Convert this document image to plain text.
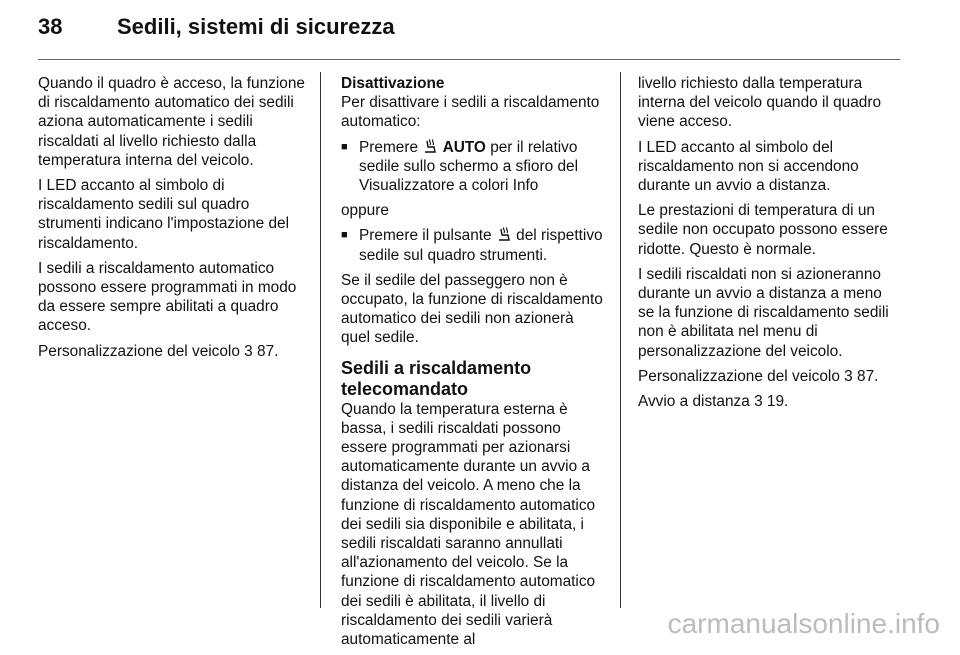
38 Sedili, sistemi di sicurezza

Quando il quadro è acceso, la funzione di riscaldamento automatico dei sedili aziona automaticamente i sedili riscaldati al livello richiesto dalla temperatura interna del veicolo.

I LED accanto al simbolo di riscaldamento sedili sul quadro strumenti indicano l'impostazione del riscaldamento.

I sedili a riscaldamento automatico possono essere programmati in modo da essere sempre abilitati a quadro acceso.

Personalizzazione del veicolo 3 87.

Disattivazione

Per disattivare i sedili a riscaldamento automatico:

■ Premere AUTO per il relativo sedile sullo schermo a sfioro del Visualizzatore a colori Info

oppure

■ Premere il pulsante del rispettivo sedile sul quadro strumenti.

Se il sedile del passeggero non è occupato, la funzione di riscaldamento automatico dei sedili non azionerà quel sedile.

Sedili a riscaldamento telecomandato

Quando la temperatura esterna è bassa, i sedili riscaldati possono essere programmati per azionarsi automaticamente durante un avvio a distanza del veicolo. A meno che la funzione di riscaldamento automatico dei sedili sia disponibile e abilitata, i sedili riscaldati saranno annullati all'azionamento del veicolo. Se la funzione di riscaldamento automatico dei sedili è abilitata, il livello di riscaldamento dei sedili varierà automaticamente al

livello richiesto dalla temperatura interna del veicolo quando il quadro viene acceso.

I LED accanto al simbolo del riscaldamento non si accendono durante un avvio a distanza.

Le prestazioni di temperatura di un sedile non occupato possono essere ridotte. Questo è normale.

I sedili riscaldati non si azioneranno durante un avvio a distanza a meno se la funzione di riscaldamento sedili non è abilitata nel menu di personalizzazione del veicolo.

Personalizzazione del veicolo 3 87.

Avvio a distanza 3 19.

carmanualsonline.info
